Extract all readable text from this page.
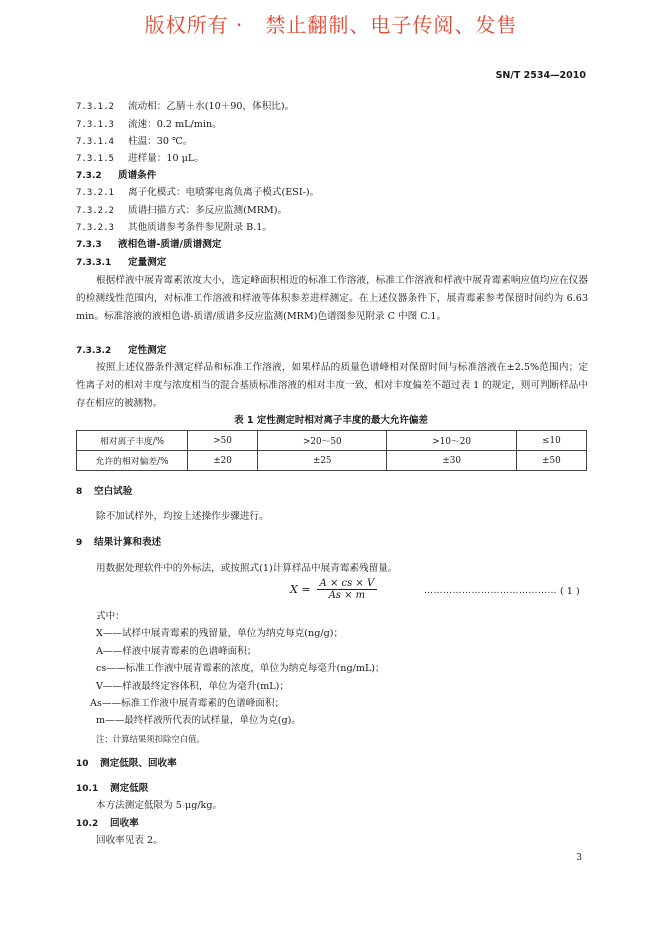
版权所有 ·   禁止翻制、电子传阅、发售
SN/T 2534—2010
7.3.1.2 流动相：乙腈＋水(10＋90，体积比)。
7.3.1.3 流速：0.2 mL/min。
7.3.1.4 柱温：30 ℃。
7.3.1.5 进样量：10 μL。
7.3.2 质谱条件
7.3.2.1 离子化模式：电喷雾电离负离子模式(ESI-)。
7.3.2.2 质谱扫描方式：多反应监测(MRM)。
7.3.2.3 其他质谱参考条件参见附录 B.1。
7.3.3 液相色谱-质谱/质谱测定
7.3.3.1 定量测定
根据样液中展青霉素浓度大小，选定峰面积相近的标准工作溶液，标准工作溶液和样液中展青霉素响应值均应在仪器的检测线性范围内，对标准工作溶液和样液等体积参差进样测定。在上述仪器条件下，展青霉素参考保留时间约为 6.63 min。标准溶液的液相色谱-质谱/质谱多反应监测(MRM)色谱图参见附录 C 中图 C.1。
7.3.3.2 定性测定
按照上述仪器条件测定样品和标准工作溶液，如果样品的质量色谱峰相对保留时间与标准溶液在±2.5%范围内；定性离子对的相对丰度与浓度相当的混合基质标准溶液的相对丰度一致，相对丰度偏差不超过表 1 的规定，则可判断样品中存在相应的被测物。
表 1 定性测定时相对离子丰度的最大允许偏差
相对离子丰度/%	>50	>20～50	>10～20	≤10
允许的相对偏差/%	±20	±25	±30	±50
8 空白试验
除不加试样外，均按上述操作步骤进行。
9 结果计算和表述
用数据处理软件中的外标法，或按照式(1)计算样品中展青霉素残留量。
$X = \frac{A \times cs \times V}{As \times m}$	…………………………………… ( 1 )
式中：
X——试样中展青霉素的残留量，单位为纳克每克(ng/g)；
A——样液中展青霉素的色谱峰面积；
cs——标准工作液中展青霉素的浓度，单位为纳克每毫升(ng/mL)；
V——样液最终定容体积，单位为毫升(mL)；
As——标准工作液中展青霉素的色谱峰面积；
m——最终样液所代表的试样量，单位为克(g)。
注：计算结果须扣除空白值。
10 测定低限、回收率
10.1 测定低限
本方法测定低限为 5 μg/kg。
10.2 回收率
回收率见表 2。
3
